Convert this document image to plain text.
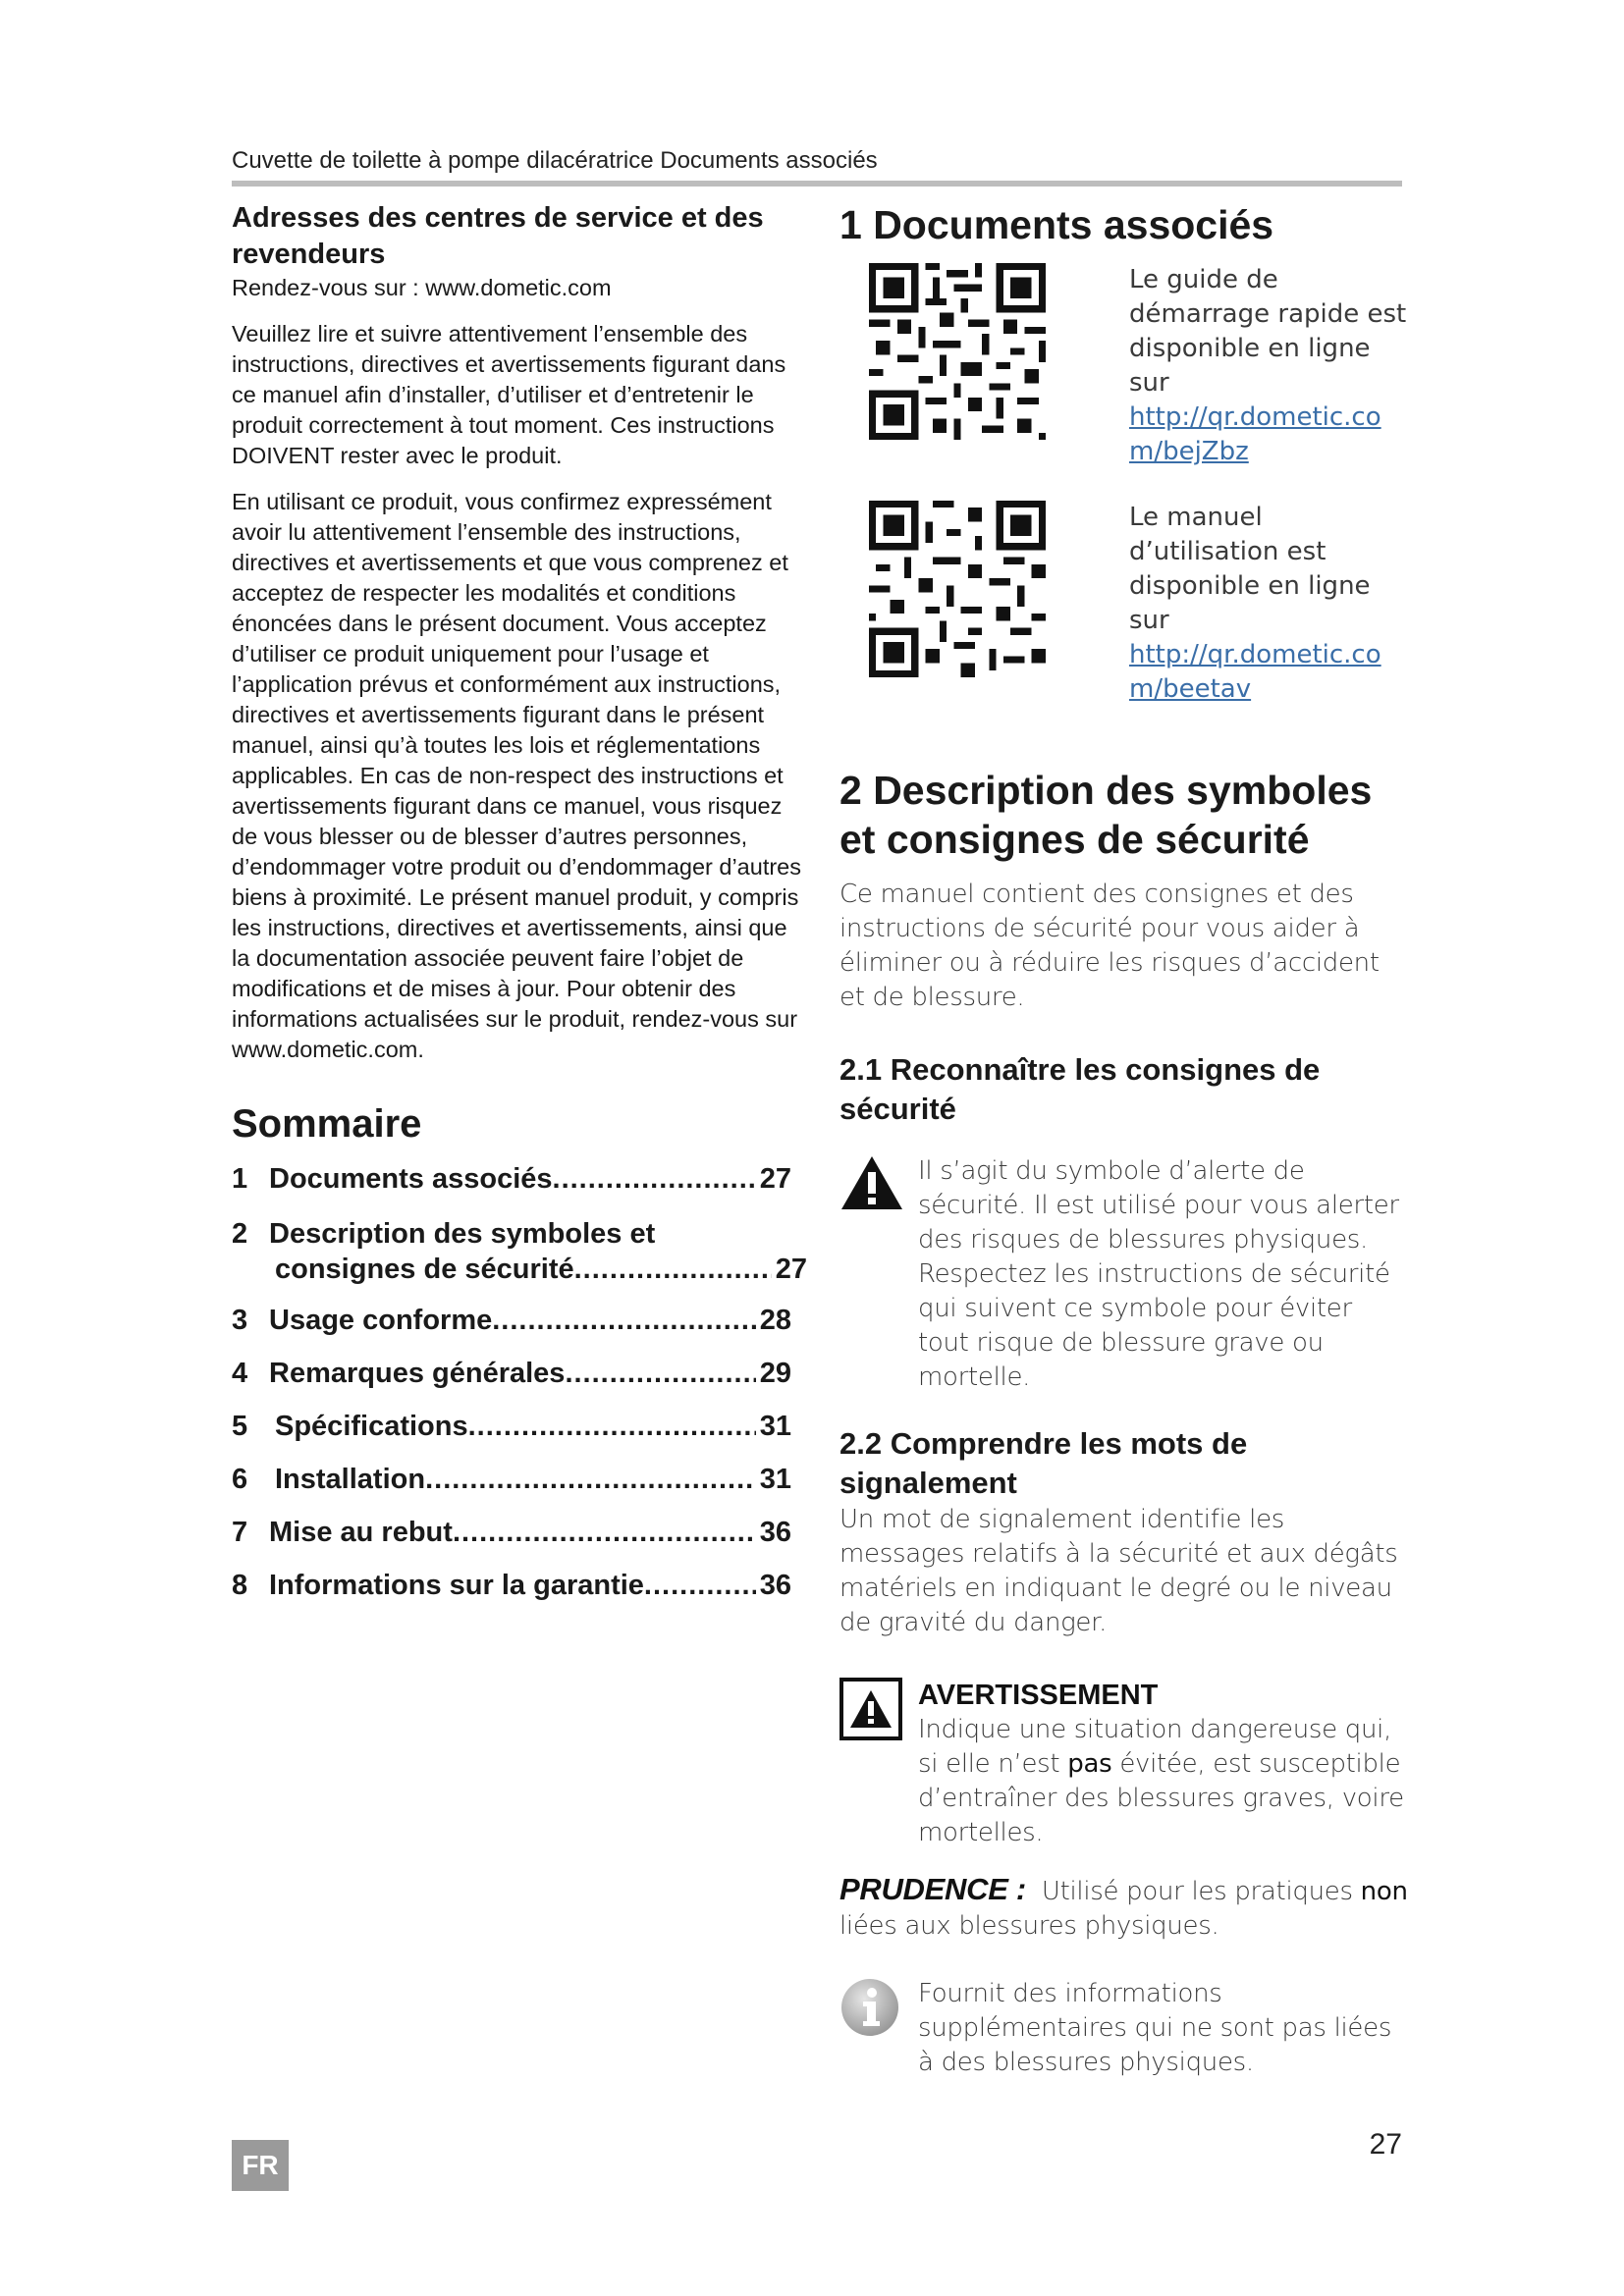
Cuvette de toilette à pompe dilacératrice Documents associés

Adresses des centres de service et des revendeurs

Rendez-vous sur : www.dometic.com

Veuillez lire et suivre attentivement l’ensemble des instructions, directives et avertissements figurant dans ce manuel afin d’installer, d’utiliser et d’entretenir le produit correctement à tout moment. Ces instructions DOIVENT rester avec le produit.

En utilisant ce produit, vous confirmez expressément avoir lu attentivement l’ensemble des instructions, directives et avertissements et que vous comprenez et acceptez de respecter les modalités et conditions énoncées dans le présent document. Vous acceptez d’utiliser ce produit uniquement pour l’usage et l’application prévus et conformément aux instructions, directives et avertissements figurant dans le présent manuel, ainsi qu’à toutes les lois et réglementations applicables. En cas de non-respect des instructions et avertissements figurant dans ce manuel, vous risquez de vous blesser ou de blesser d’autres personnes, d’endommager votre produit ou d’endommager d’autres biens à proximité. Le présent manuel produit, y compris les instructions, directives et avertissements, ainsi que la documentation associée peuvent faire l’objet de modifications et de mises à jour. Pour obtenir des informations actualisées sur le produit, rendez-vous sur www.dometic.com.

Sommaire
1 Documents associés .....	27
2 Description des symboles et
consignes de sécurité .....	27
3 Usage conforme .....	28
4 Remarques générales .....	29
5 Spécifications .....	31
6 Installation .....	31
7 Mise au rebut .....	36
8 Informations sur la garantie .....	36

1 Documents associés

Le guide de démarrage rapide est disponible en ligne sur
http://qr.dometic.com/bejZbz
Le manuel d’utilisation est disponible en ligne sur
http://qr.dometic.com/beetav

2 Description des symboles et consignes de sécurité

Ce manuel contient des consignes et des instructions de sécurité pour vous aider à éliminer ou à réduire les risques d’accident et de blessure.

2.1 Reconnaître les consignes de sécurité

Il s’agit du symbole d’alerte de sécurité. Il est utilisé pour vous alerter des risques de blessures physiques. Respectez les instructions de sécurité qui suivent ce symbole pour éviter tout risque de blessure grave ou mortelle.

2.2 Comprendre les mots de signalement

Un mot de signalement identifie les messages relatifs à la sécurité et aux dégâts matériels en indiquant le degré ou le niveau de gravité du danger.

AVERTISSEMENT

Indique une situation dangereuse qui, si elle n’est pas évitée, est susceptible d’entraîner des blessures graves, voire mortelles.

PRUDENCE : Utilisé pour les pratiques non liées aux blessures physiques.

Fournit des informations supplémentaires qui ne sont pas liées à des blessures physiques.

FR
27
